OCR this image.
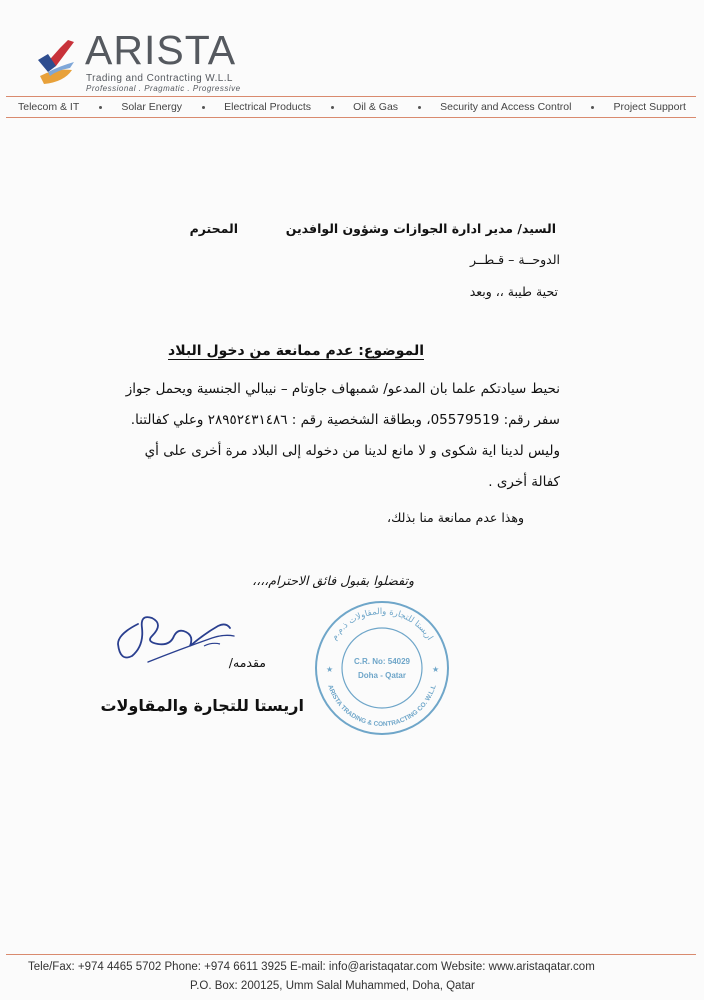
ARISTA
Trading and Contracting W.L.L
Professional . Pragmatic . Progressive
Telecom & IT	Solar Energy	Electrical Products	Oil & Gas	Security and Access Control	Project Support
السيد/ مدير ادارة الجوازات وشؤون الوافدين
المحترم
الدوحــة – قـطــر
تحية طيبة ،، وبعد
الموضوع: عدم ممانعة من دخول البلاد

نحيط سيادتكم علما بان المدعو/ شمبهاف جاوتام – نيبالي الجنسية ويحمل جواز

سفر رقم: 05579519، وبطاقة الشخصية رقم : ٢٨٩٥٢٤٣١٤٨٦ وعلي كفالتنا.

وليس لدينا اية شكوى و لا مانع لدينا من دخوله إلى البلاد مرة أخرى على أي

كفالة أخرى .

وهذا عدم ممانعة منا بذلك،
وتفضلوا بقبول فائق الاحترام،،،،
مقدمه/
اريستا للتجارة والمقاولات
اريستا للتجارة والمقاولات ذ.م.م
ARISTA TRADING & CONTRACTING CO. W.L.L
C.R. No: 54029
Doha - Qatar
★	★
Tele/Fax: +974 4465 5702 Phone: +974 6611 3925 E-mail: info@aristaqatar.com Website: www.aristaqatar.com
P.O. Box: 200125, Umm Salal Muhammed, Doha, Qatar
